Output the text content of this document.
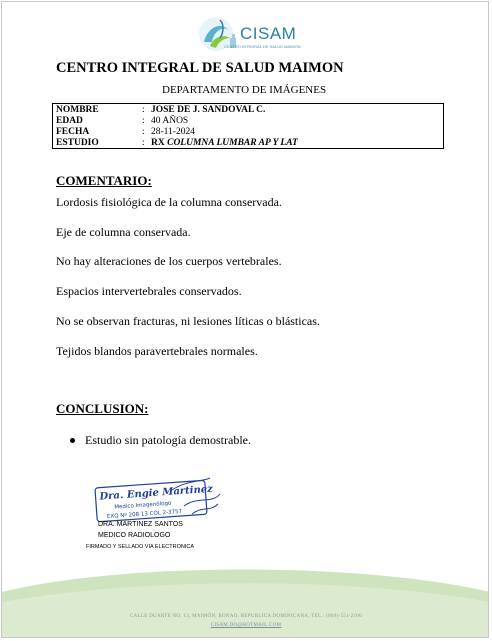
CISAM
CENTRO INTEGRAL DE SALUD MAIMON
CENTRO INTEGRAL DE SALUD MAIMON
DEPARTAMENTO DE IMÁGENES
NOMBRE	: JOSE DE J. SANDOVAL C.
EDAD	: 40 AÑOS
FECHA	: 28-11-2024
ESTUDIO	: RX COLUMNA LUMBAR AP Y LAT
COMENTARIO:
Lordosis fisiológica de la columna conservada.
Eje de columna conservada.
No hay alteraciones de los cuerpos vertebrales.
Espacios intervertebrales conservados.
No se observan fracturas, ni lesiones líticas o blásticas.
Tejidos blandos paravertebrales normales.
CONCLUSION:
Estudio sin patología demostrable.
Dra. Engie Martinez
Medico Imagenólogo
EXQ Nº 208 13 COL 2-3757
DRA. MARTINEZ SANTOS
MEDICO RADIOLOGO
FIRMADO Y SELLADO VIA ELECTRONICA
CALLE DUARTE NO. 13, MAIMÓN, BONAO, REPUBLICA DOMINICANA, TEL.: (809)-551-2106
CISAM.DO@HOTMAIL.COM
